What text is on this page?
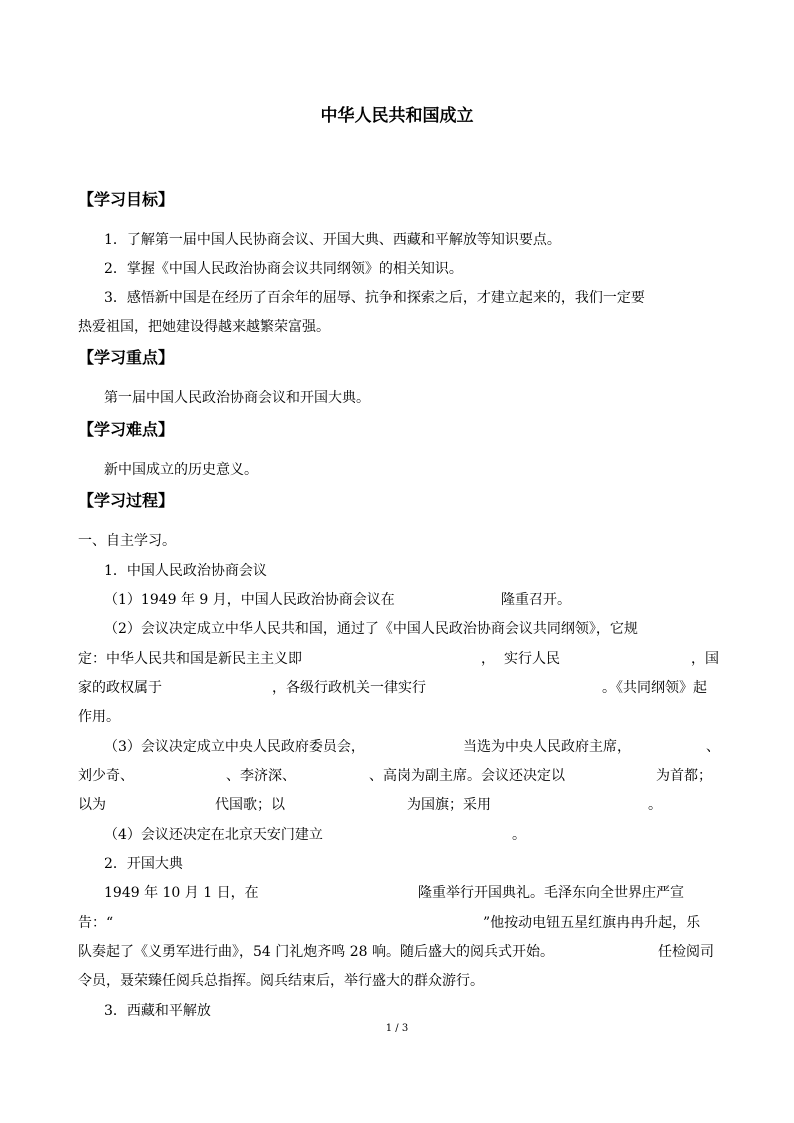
中华人民共和国成立
【学习目标】
1．了解第一届中国人民协商会议、开国大典、西藏和平解放等知识要点。
2．掌握《中国人民政治协商会议共同纲领》的相关知识。
3．感悟新中国是在经历了百余年的屈辱、抗争和探索之后，才建立起来的，我们一定要
热爱祖国，把她建设得越来越繁荣富强。
【学习重点】
第一届中国人民政治协商会议和开国大典。
【学习难点】
新中国成立的历史意义。
【学习过程】
一、自主学习。
1．中国人民政治协商会议
（1）1949 年 9 月，中国人民政治协商会议在	隆重召开。
（2）会议决定成立中华人民共和国，通过了《中国人民政治协商会议共同纲领》，它规
定：中华人民共和国是新民主主义即	， 实行人民	，国
家的政权属于	，各级行政机关一律实行	。《共同纲领》起
作用。
（3）会议决定成立中央人民政府委员会，	当选为中央人民政府主席，	、
刘少奇、	、李济深、	、高岗为副主席。会议还决定以	为首都；
以为	代国歌；以	为国旗；采用	。
（4）会议还决定在北京天安门建立	。
2．开国大典
1949 年 10 月 1 日，在	隆重举行开国典礼。毛泽东向全世界庄严宣
告：“	”他按动电钮五星红旗冉冉升起，乐
队奏起了《义勇军进行曲》，54 门礼炮齐鸣 28 响。随后盛大的阅兵式开始。	任检阅司
令员，聂荣臻任阅兵总指挥。阅兵结束后，举行盛大的群众游行。
3．西藏和平解放
1 / 3
